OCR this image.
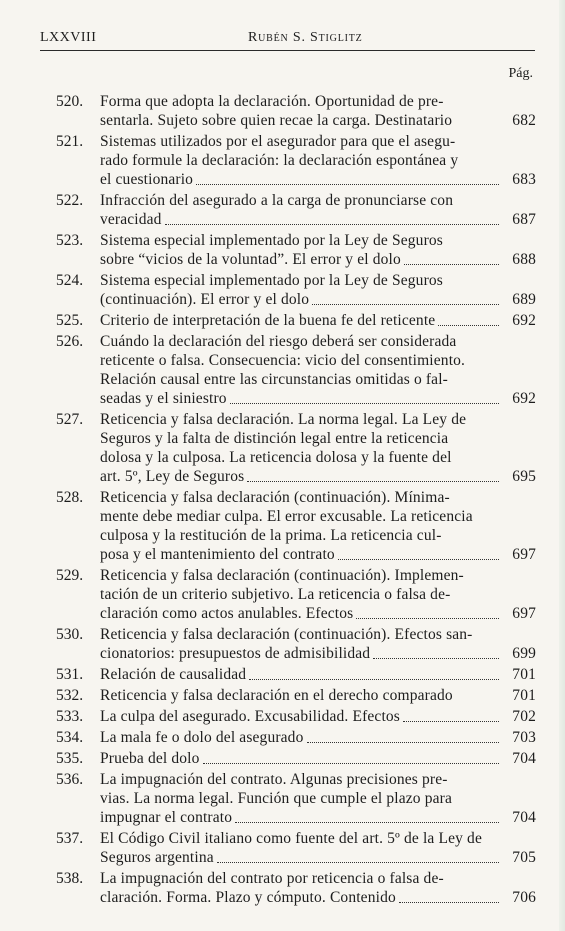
LXXVIII	Rubén S. Stiglitz
Pág.
520.	Forma que adopta la declaración. Oportunidad de pre-
sentarla. Sujeto sobre quien recae la carga. Destinatario	682
521.	Sistemas utilizados por el asegurador para que el asegu-
rado formule la declaración: la declaración espontánea y
el cuestionario	683
522.	Infracción del asegurado a la carga de pronunciarse con
veracidad	687
523.	Sistema especial implementado por la Ley de Seguros
sobre “vicios de la voluntad”. El error y el dolo	688
524.	Sistema especial implementado por la Ley de Seguros
(continuación). El error y el dolo	689
525.	Criterio de interpretación de la buena fe del reticente	692
526.	Cuándo la declaración del riesgo deberá ser considerada
reticente o falsa. Consecuencia: vicio del consentimiento.
Relación causal entre las circunstancias omitidas o fal-
seadas y el siniestro	692
527.	Reticencia y falsa declaración. La norma legal. La Ley de
Seguros y la falta de distinción legal entre la reticencia
dolosa y la culposa. La reticencia dolosa y la fuente del
art. 5º, Ley de Seguros	695
528.	Reticencia y falsa declaración (continuación). Mínima-
mente debe mediar culpa. El error excusable. La reticencia
culposa y la restitución de la prima. La reticencia cul-
posa y el mantenimiento del contrato	697
529.	Reticencia y falsa declaración (continuación). Implemen-
tación de un criterio subjetivo. La reticencia o falsa de-
claración como actos anulables. Efectos	697
530.	Reticencia y falsa declaración (continuación). Efectos san-
cionatorios: presupuestos de admisibilidad	699
531.	Relación de causalidad	701
532.	Reticencia y falsa declaración en el derecho comparado	701
533.	La culpa del asegurado. Excusabilidad. Efectos	702
534.	La mala fe o dolo del asegurado	703
535.	Prueba del dolo	704
536.	La impugnación del contrato. Algunas precisiones pre-
vias. La norma legal. Función que cumple el plazo para
impugnar el contrato	704
537.	El Código Civil italiano como fuente del art. 5º de la Ley de
Seguros argentina	705
538.	La impugnación del contrato por reticencia o falsa de-
claración. Forma. Plazo y cómputo. Contenido	706
